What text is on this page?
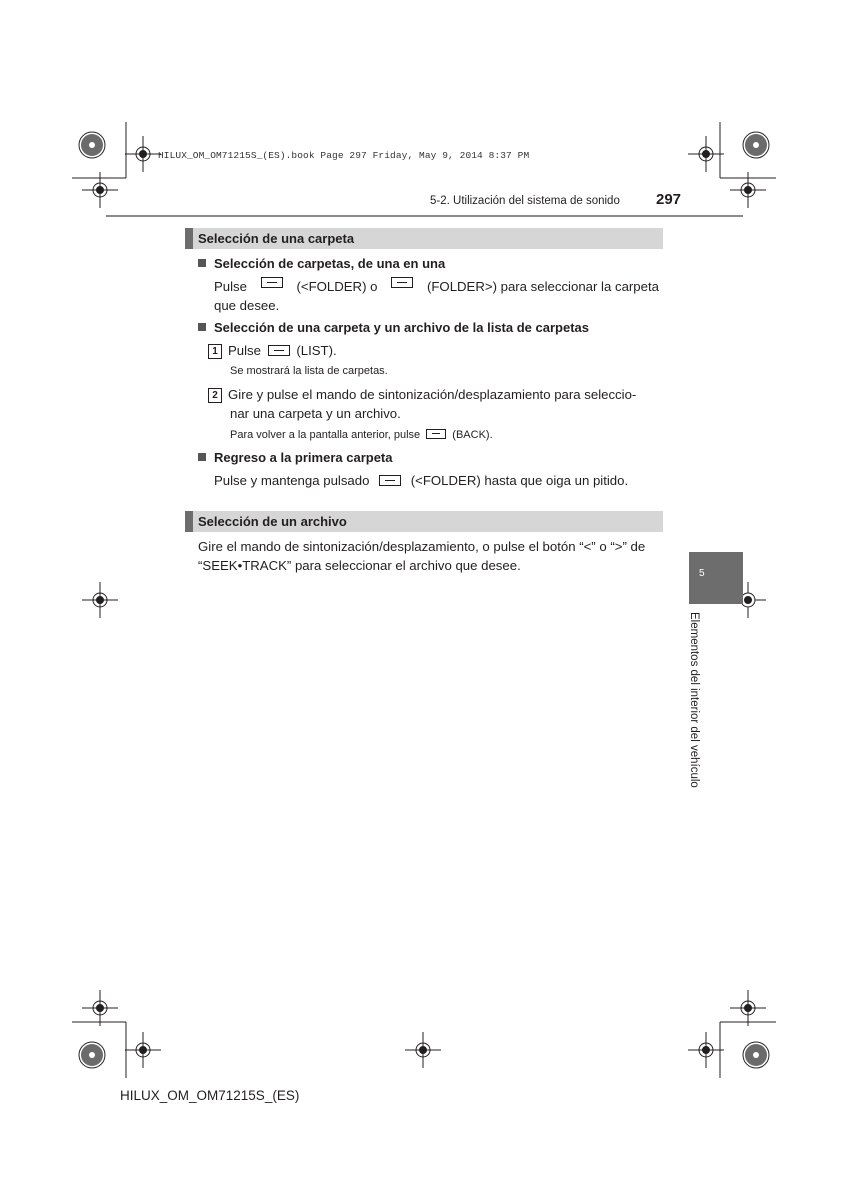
HILUX_OM_OM71215S_(ES).book Page 297 Friday, May 9, 2014 8:37 PM
5-2. Utilización del sistema de sonido 297
Selección de una carpeta
Selección de carpetas, de una en una
Pulse	(<FOLDER) o	(FOLDER>) para seleccionar la carpeta
que desee.
Selección de una carpeta y un archivo de la lista de carpetas
1 Pulse	(LIST).
Se mostrará la lista de carpetas.
2 Gire y pulse el mando de sintonización/desplazamiento para seleccio-
nar una carpeta y un archivo.
Para volver a la pantalla anterior, pulse	(BACK).
Regreso a la primera carpeta
Pulse y mantenga pulsado	(<FOLDER) hasta que oiga un pitido.
Selección de un archivo
Gire el mando de sintonización/desplazamiento, o pulse el botón “<” o “>” de
“SEEK•TRACK” para seleccionar el archivo que desee.
5
Elementos del interior del vehículo
HILUX_OM_OM71215S_(ES)
